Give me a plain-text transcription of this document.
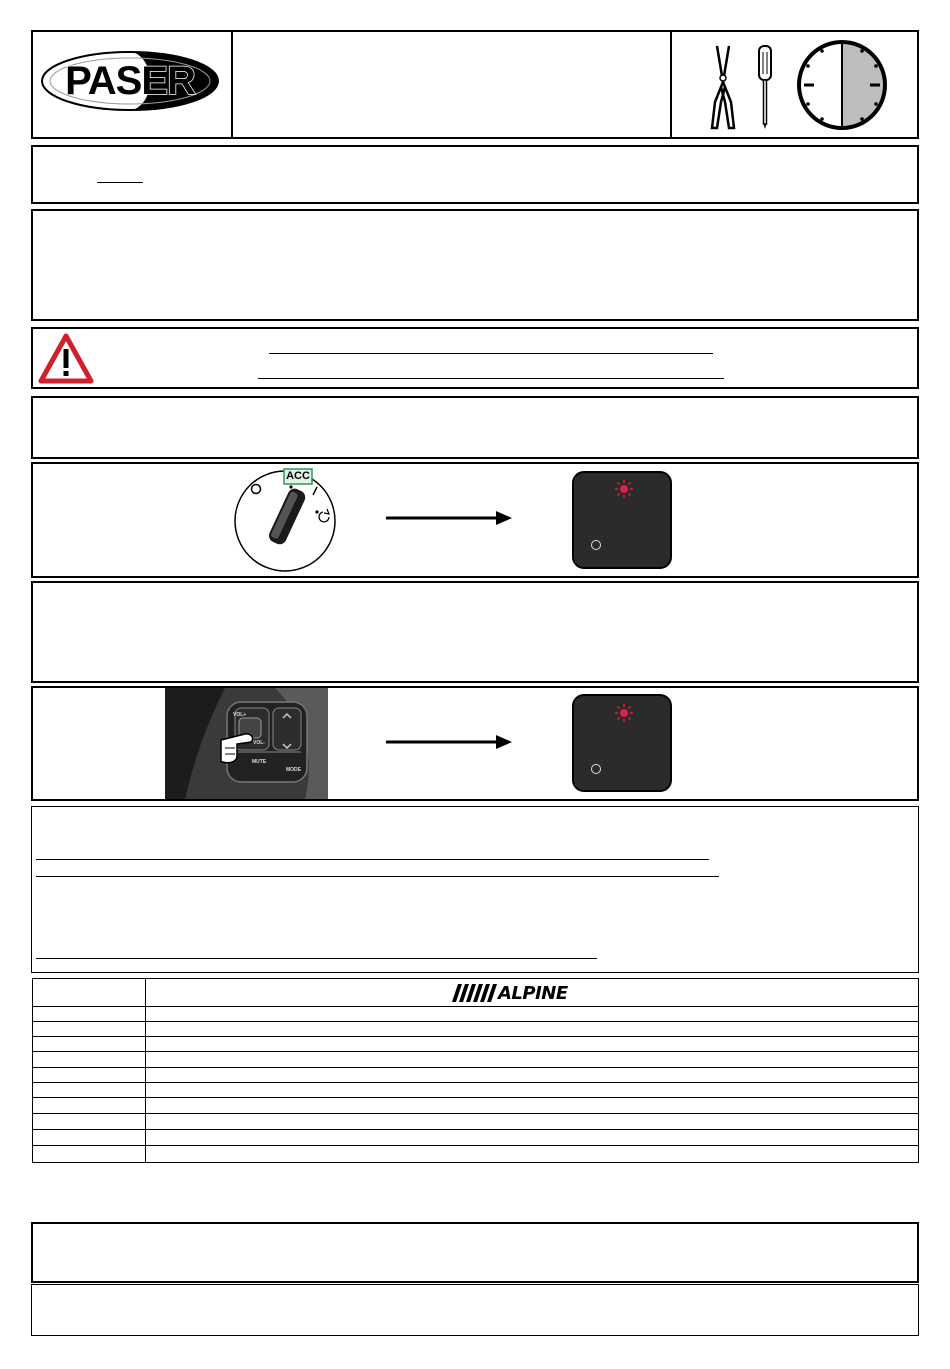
PASER
ACC
VOL+
VOL-
MUTE
MODE
ALPINE
